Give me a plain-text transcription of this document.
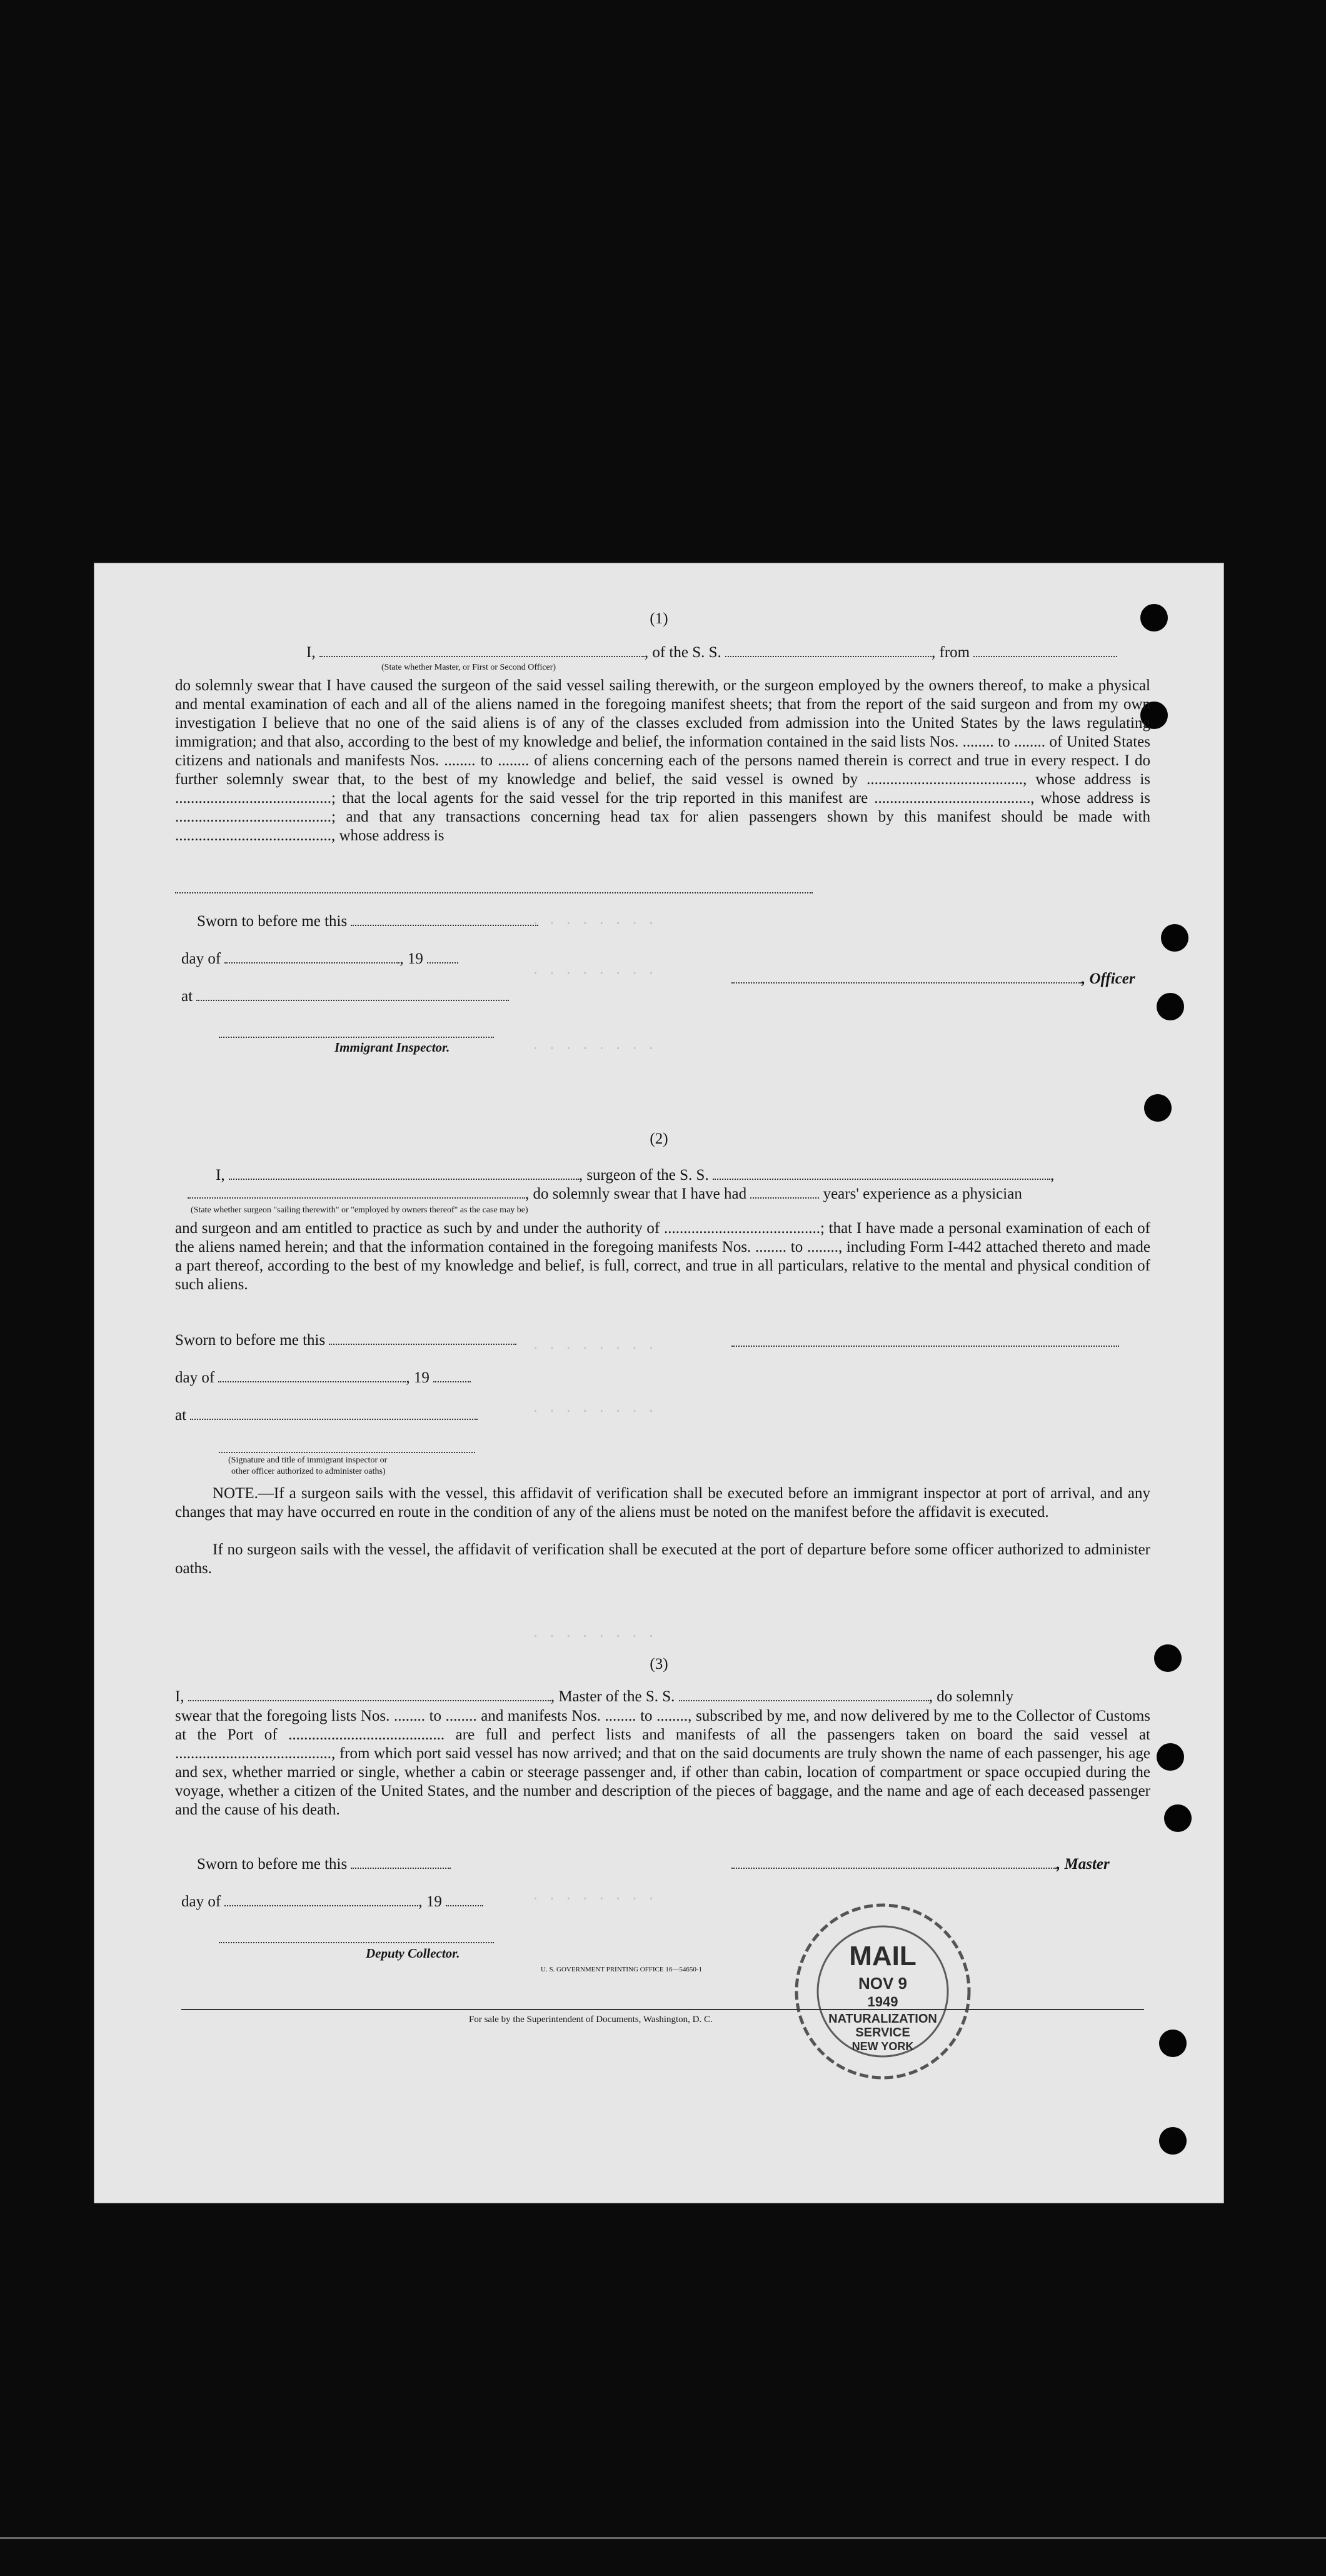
. . . . . . . .
. . . . . . . .
. . . . . . . .
. . . . . . . .
. . . . . . . .
. . . . . . . .
. . . . . . . .
(1)
I,	, of the S. S.	, from
(State whether Master, or First or Second Officer)
do solemnly swear that I have caused the surgeon of the said vessel sailing therewith, or the surgeon employed by the owners thereof, to make a physical and mental examination of each and all of the aliens named in the foregoing manifest sheets; that from the report of the said surgeon and from my own investigation I believe that no one of the said aliens is of any of the classes excluded from admission into the United States by the laws regulating immigration; and that also, according to the best of my knowledge and belief, the information contained in the said lists Nos. ........ to ........ of United States citizens and nationals and manifests Nos. ........ to ........ of aliens concerning each of the persons named therein is correct and true in every respect. I do further solemnly swear that, to the best of my knowledge and belief, the said vessel is owned by ........................................, whose address is ........................................; that the local agents for the said vessel for the trip reported in this manifest are ........................................, whose address is ........................................; and that any transactions concerning head tax for alien passengers shown by this manifest should be made with ........................................, whose address is
Sworn to before me this
day of	, 19
, Officer
at
Immigrant Inspector.
(2)
I,	, surgeon of the S. S.	,
, do solemnly swear that I have had	years' experience as a physician
(State whether surgeon "sailing therewith" or "employed by owners thereof" as the case may be)
and surgeon and am entitled to practice as such by and under the authority of ........................................; that I have made a personal examination of each of the aliens named herein; and that the information contained in the foregoing manifests Nos. ........ to ........, including Form I-442 attached thereto and made a part thereof, according to the best of my knowledge and belief, is full, correct, and true in all particulars, relative to the mental and physical condition of such aliens.
Sworn to before me this
day of	, 19
at
(Signature and title of immigrant inspector or
other officer authorized to administer oaths)
NOTE.—If a surgeon sails with the vessel, this affidavit of verification shall be executed before an immigrant inspector at port of arrival, and any changes that may have occurred en route in the condition of any of the aliens must be noted on the manifest before the affidavit is executed.
If no surgeon sails with the vessel, the affidavit of verification shall be executed at the port of departure before some officer authorized to administer oaths.
(3)
I,	, Master of the S. S.	, do solemnly
swear that the foregoing lists Nos. ........ to ........ and manifests Nos. ........ to ........, subscribed by me, and now delivered by me to the Collector of Customs at the Port of ........................................ are full and perfect lists and manifests of all the passengers taken on board the said vessel at ........................................, from which port said vessel has now arrived; and that on the said documents are truly shown the name of each passenger, his age and sex, whether married or single, whether a cabin or steerage passenger and, if other than cabin, location of compartment or space occupied during the voyage, whether a citizen of the United States, and the number and description of the pieces of baggage, and the name and age of each deceased passenger and the cause of his death.
Sworn to before me this	, Master
day of	, 19
Deputy Collector.
U. S. GOVERNMENT PRINTING OFFICE 16—54650-1
For sale by the Superintendent of Documents, Washington, D. C.
MAIL
NOV 9
1949
NATURALIZATION
SERVICE
NEW YORK
